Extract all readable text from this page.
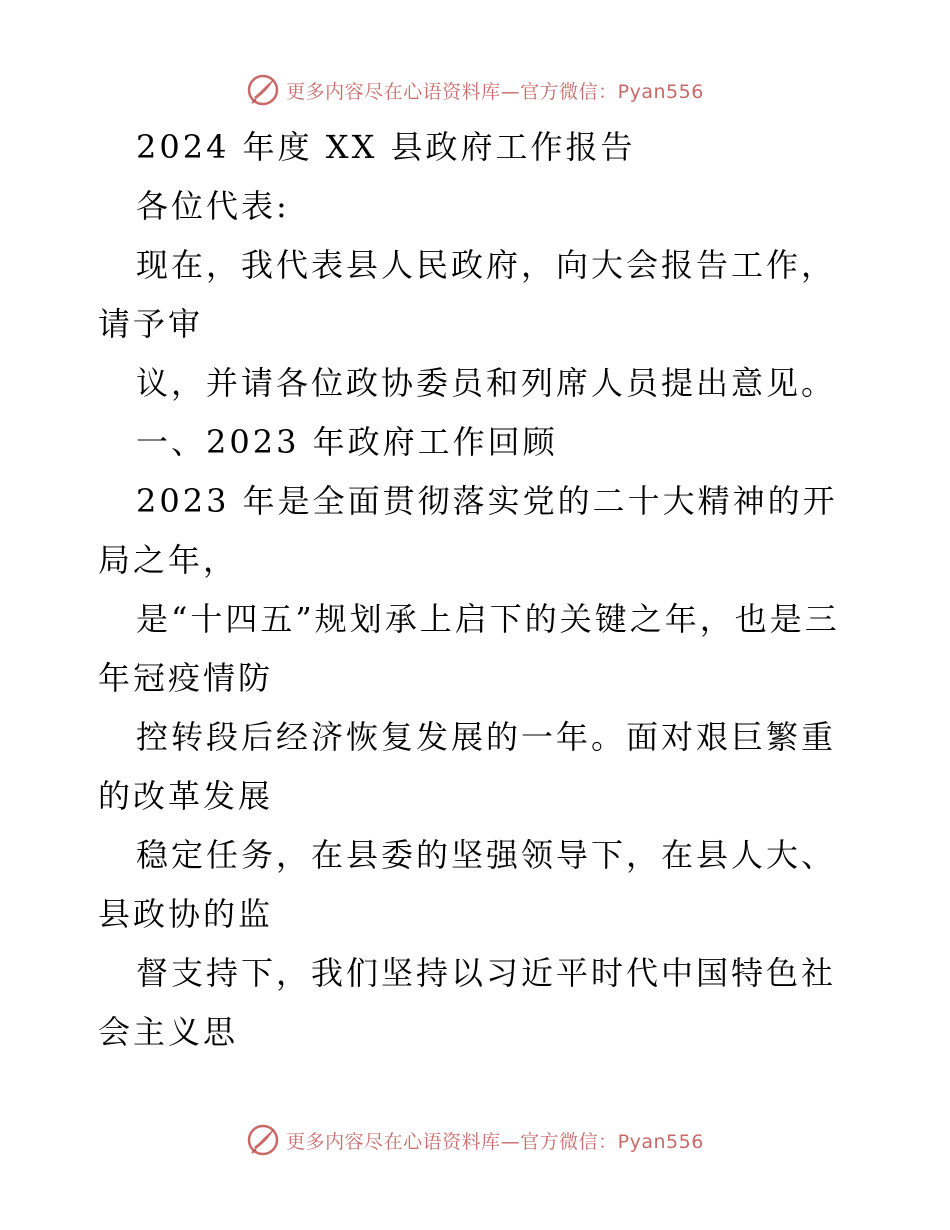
更多内容尽在心语资料库—官方微信：Pyan556

2024 年度 XX 县政府工作报告

各位代表:

现在，我代表县人民政府，向大会报告工作，请予审

议，并请各位政协委员和列席人员提出意见。

一、2023 年政府工作回顾

2023 年是全面贯彻落实党的二十大精神的开局之年，

是“十四五”规划承上启下的关键之年，也是三年冠疫情防

控转段后经济恢复发展的一年。面对艰巨繁重的改革发展

稳定任务，在县委的坚强领导下，在县人大、县政协的监

督支持下，我们坚持以习近平时代中国特色社会主义思

更多内容尽在心语资料库—官方微信：Pyan556
